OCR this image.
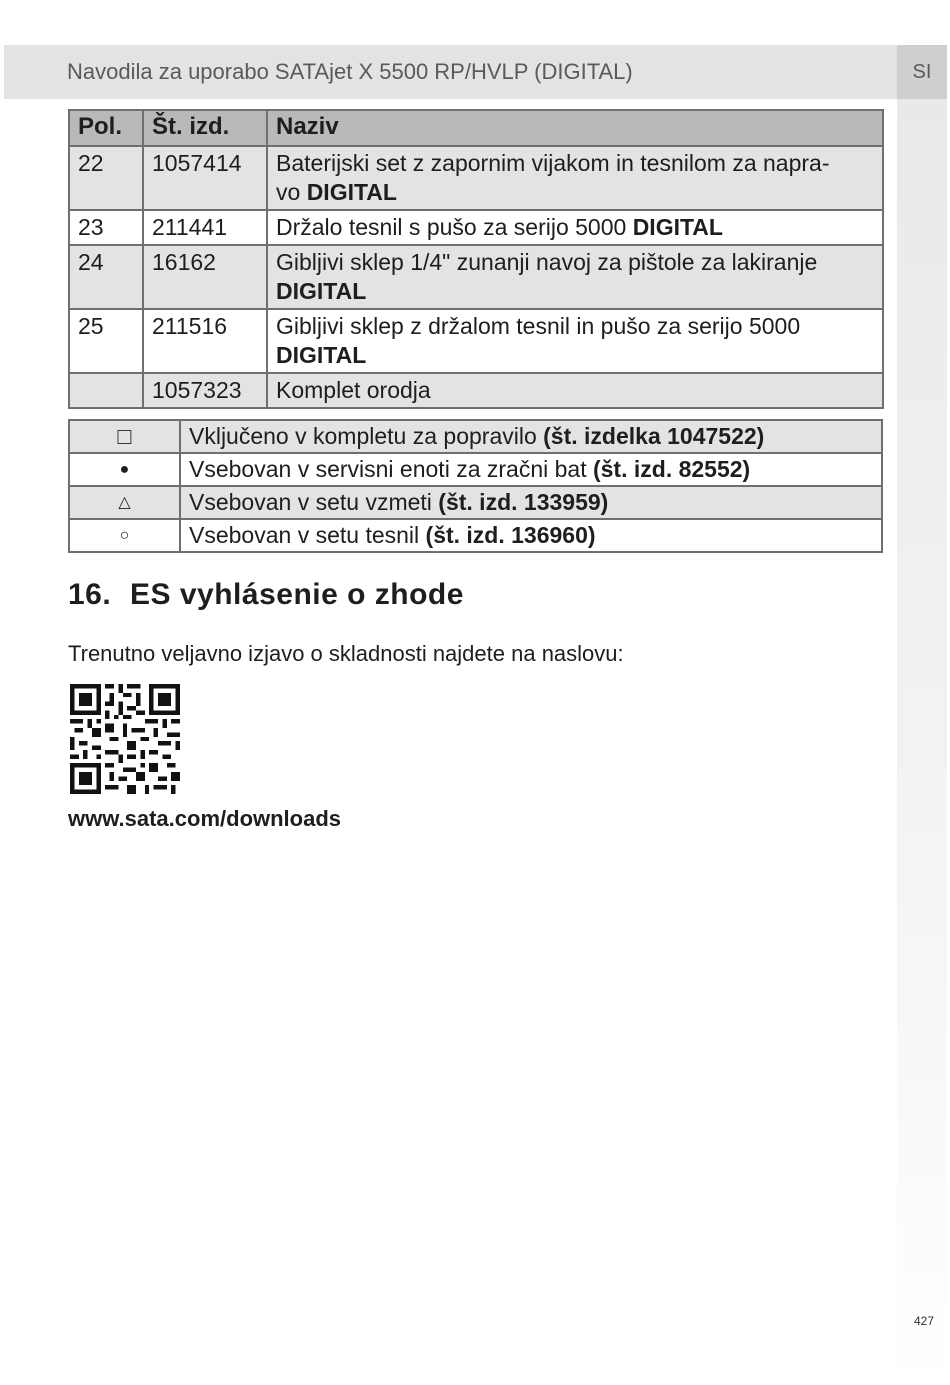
Navodila za uporabo SATAjet X 5500 RP/HVLP (DIGITAL)	SI
Pol.	Št. izd.	Naziv
22	1057414	Baterijski set z zapornim vijakom in tesnilom za napra-
vo DIGITAL
23	211441	Držalo tesnil s pušo za serijo 5000 DIGITAL
24	16162	Gibljivi sklep 1/4" zunanji navoj za pištole za lakiranje
DIGITAL
25	211516	Gibljivi sklep z držalom tesnil in pušo za serijo 5000
DIGITAL
	1057323	Komplet orodja
□	Vključeno v kompletu za popravilo (št. izdelka 1047522)
●	Vsebovan v servisni enoti za zračni bat (št. izd. 82552)
△	Vsebovan v setu vzmeti (št. izd. 133959)
○	Vsebovan v setu tesnil (št. izd. 136960)
16. ES vyhlásenie o zhode
Trenutno veljavno izjavo o skladnosti najdete na naslovu:
www.sata.com/downloads
427
